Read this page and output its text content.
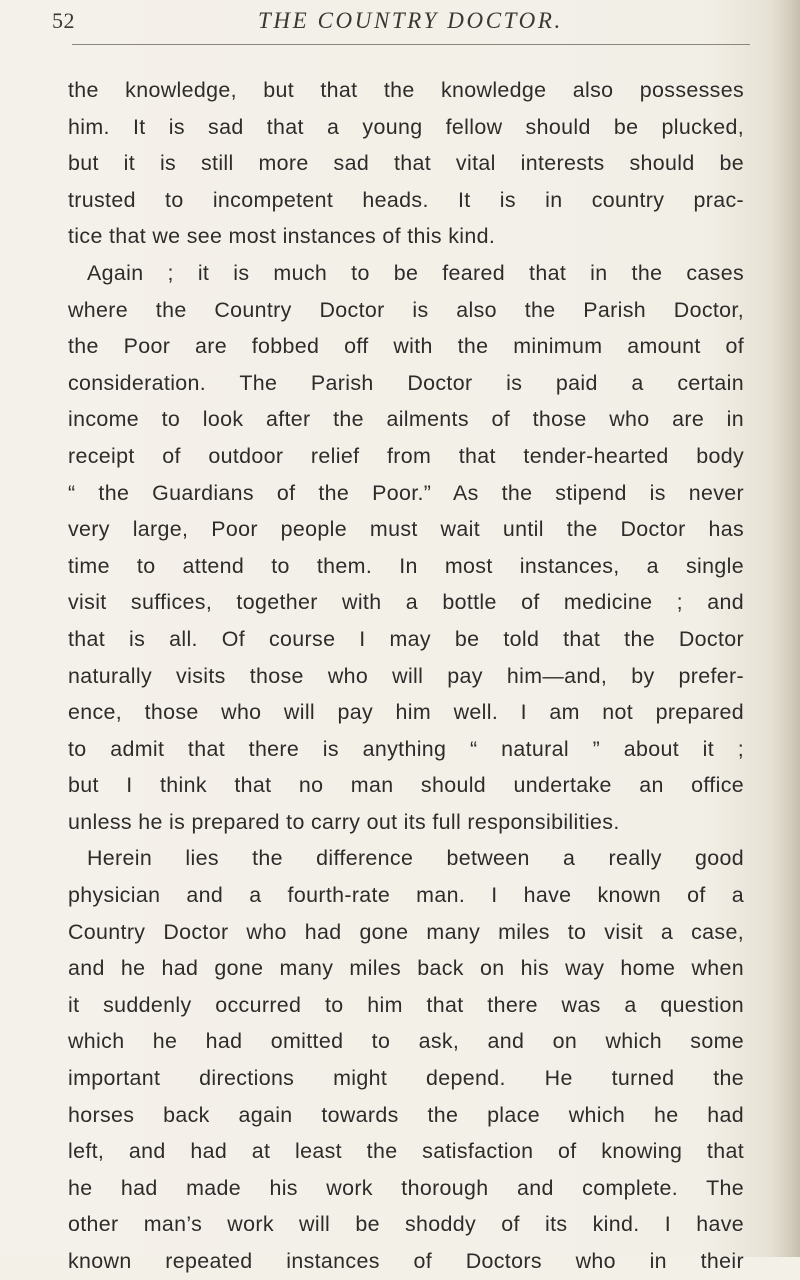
52	THE COUNTRY DOCTOR.
the knowledge, but that the knowledge also possesses
him. It is sad that a young fellow should be plucked,
but it is still more sad that vital interests should be
trusted to incompetent heads. It is in country prac-
tice that we see most instances of this kind.
Again ; it is much to be feared that in the cases
where the Country Doctor is also the Parish Doctor,
the Poor are fobbed off with the minimum amount of
consideration. The Parish Doctor is paid a certain
income to look after the ailments of those who are in
receipt of outdoor relief from that tender-hearted body
“ the Guardians of the Poor.” As the stipend is never
very large, Poor people must wait until the Doctor has
time to attend to them. In most instances, a single
visit suffices, together with a bottle of medicine ; and
that is all. Of course I may be told that the Doctor
naturally visits those who will pay him—and, by prefer-
ence, those who will pay him well. I am not prepared
to admit that there is anything “ natural ” about it ;
but I think that no man should undertake an office
unless he is prepared to carry out its full responsibilities.
Herein lies the difference between a really good
physician and a fourth-rate man. I have known of a
Country Doctor who had gone many miles to visit a case,
and he had gone many miles back on his way home when
it suddenly occurred to him that there was a question
which he had omitted to ask, and on which some
important directions might depend. He turned the
horses back again towards the place which he had
left, and had at least the satisfaction of knowing that
he had made his work thorough and complete. The
other man’s work will be shoddy of its kind. I have
known repeated instances of Doctors who in their
